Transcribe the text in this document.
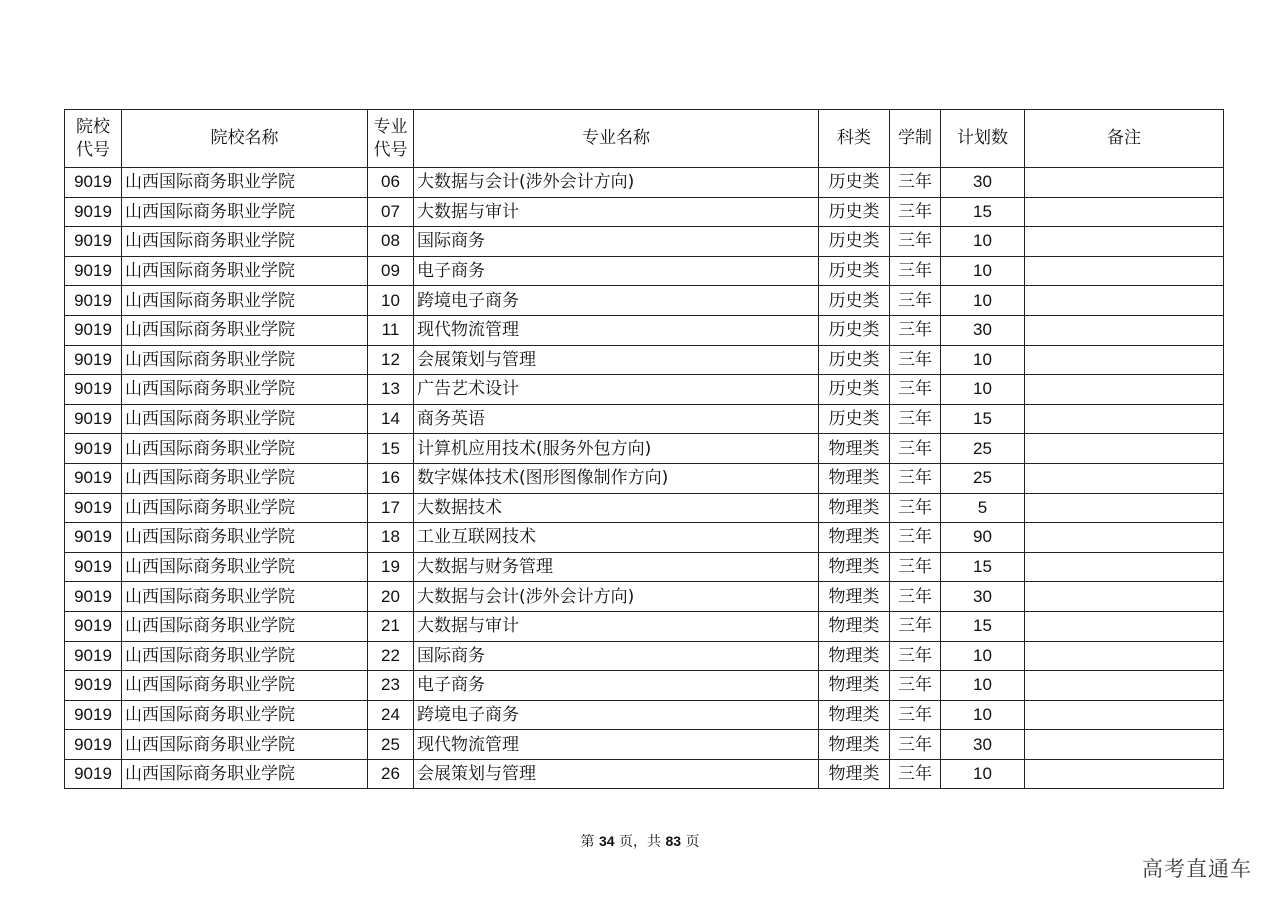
院校代号	院校名称	专业代号	专业名称	科类	学制	计划数	备注
9019	山西国际商务职业学院	06	大数据与会计(涉外会计方向)	历史类	三年	30	
9019	山西国际商务职业学院	07	大数据与审计	历史类	三年	15	
9019	山西国际商务职业学院	08	国际商务	历史类	三年	10	
9019	山西国际商务职业学院	09	电子商务	历史类	三年	10	
9019	山西国际商务职业学院	10	跨境电子商务	历史类	三年	10	
9019	山西国际商务职业学院	11	现代物流管理	历史类	三年	30	
9019	山西国际商务职业学院	12	会展策划与管理	历史类	三年	10	
9019	山西国际商务职业学院	13	广告艺术设计	历史类	三年	10	
9019	山西国际商务职业学院	14	商务英语	历史类	三年	15	
9019	山西国际商务职业学院	15	计算机应用技术(服务外包方向)	物理类	三年	25	
9019	山西国际商务职业学院	16	数字媒体技术(图形图像制作方向)	物理类	三年	25	
9019	山西国际商务职业学院	17	大数据技术	物理类	三年	5	
9019	山西国际商务职业学院	18	工业互联网技术	物理类	三年	90	
9019	山西国际商务职业学院	19	大数据与财务管理	物理类	三年	15	
9019	山西国际商务职业学院	20	大数据与会计(涉外会计方向)	物理类	三年	30	
9019	山西国际商务职业学院	21	大数据与审计	物理类	三年	15	
9019	山西国际商务职业学院	22	国际商务	物理类	三年	10	
9019	山西国际商务职业学院	23	电子商务	物理类	三年	10	
9019	山西国际商务职业学院	24	跨境电子商务	物理类	三年	10	
9019	山西国际商务职业学院	25	现代物流管理	物理类	三年	30	
9019	山西国际商务职业学院	26	会展策划与管理	物理类	三年	10	
第 34 页，共 83 页
高考直通车
